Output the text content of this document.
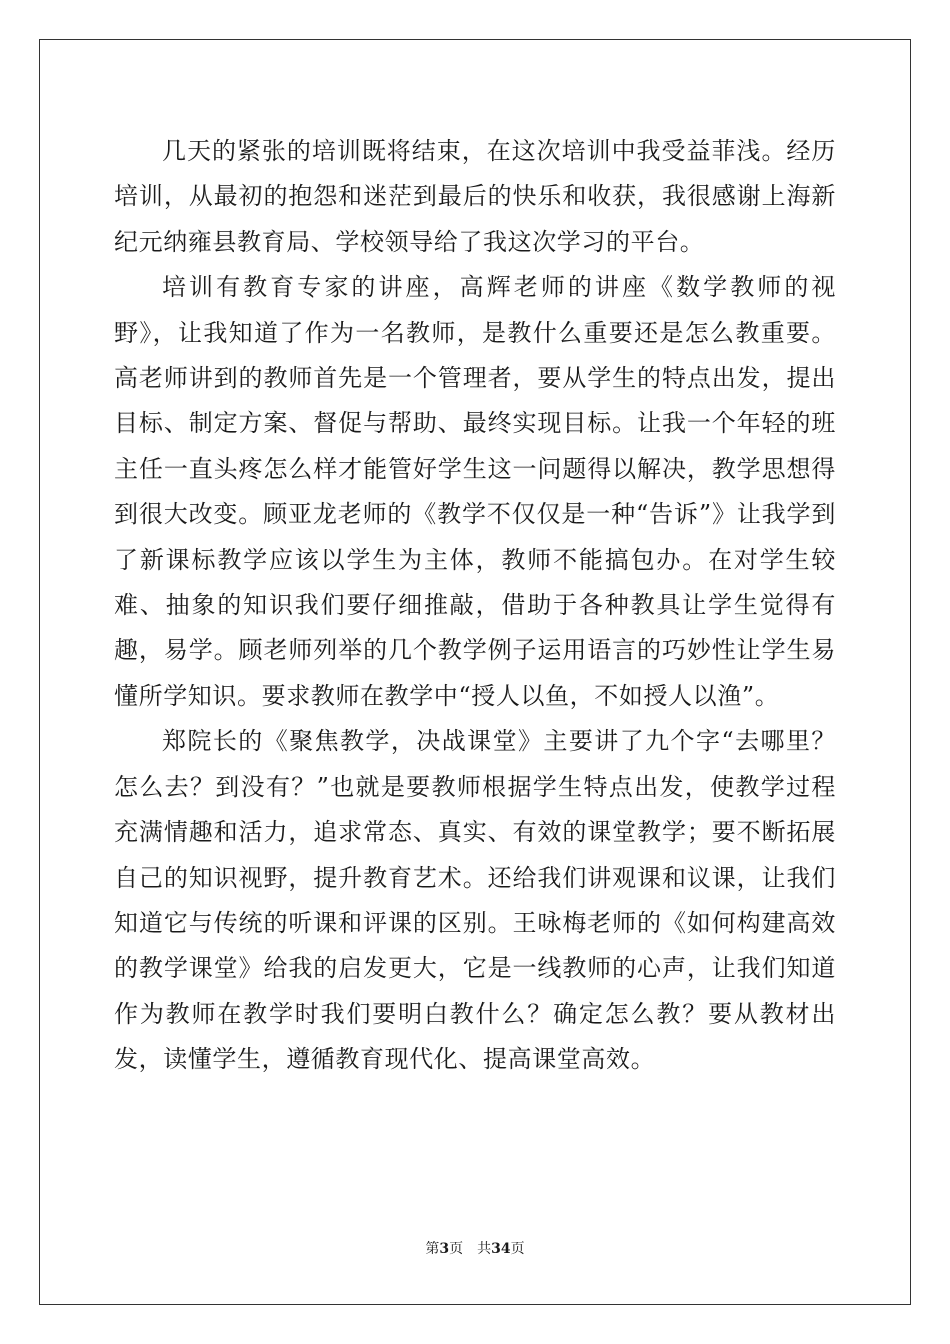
几天的紧张的培训既将结束，在这次培训中我受益菲浅。经历培训，从最初的抱怨和迷茫到最后的快乐和收获，我很感谢上海新纪元纳雍县教育局、学校领导给了我这次学习的平台。

培训有教育专家的讲座，高辉老师的讲座《数学教师的视野》，让我知道了作为一名教师，是教什么重要还是怎么教重要。高老师讲到的教师首先是一个管理者，要从学生的特点出发，提出目标、制定方案、督促与帮助、最终实现目标。让我一个年轻的班主任一直头疼怎么样才能管好学生这一问题得以解决，教学思想得到很大改变。顾亚龙老师的《教学不仅仅是一种“告诉”》让我学到了新课标教学应该以学生为主体，教师不能搞包办。在对学生较难、抽象的知识我们要仔细推敲，借助于各种教具让学生觉得有趣，易学。顾老师列举的几个教学例子运用语言的巧妙性让学生易懂所学知识。要求教师在教学中“授人以鱼，不如授人以渔”。

郑院长的《聚焦教学，决战课堂》主要讲了九个字“去哪里？怎么去？到没有？”也就是要教师根据学生特点出发，使教学过程充满情趣和活力，追求常态、真实、有效的课堂教学；要不断拓展自己的知识视野，提升教育艺术。还给我们讲观课和议课，让我们知道它与传统的听课和评课的区别。王咏梅老师的《如何构建高效的教学课堂》给我的启发更大，它是一线教师的心声，让我们知道作为教师在教学时我们要明白教什么？确定怎么教？要从教材出发，读懂学生，遵循教育现代化、提高课堂高效。

第3页 共34页
